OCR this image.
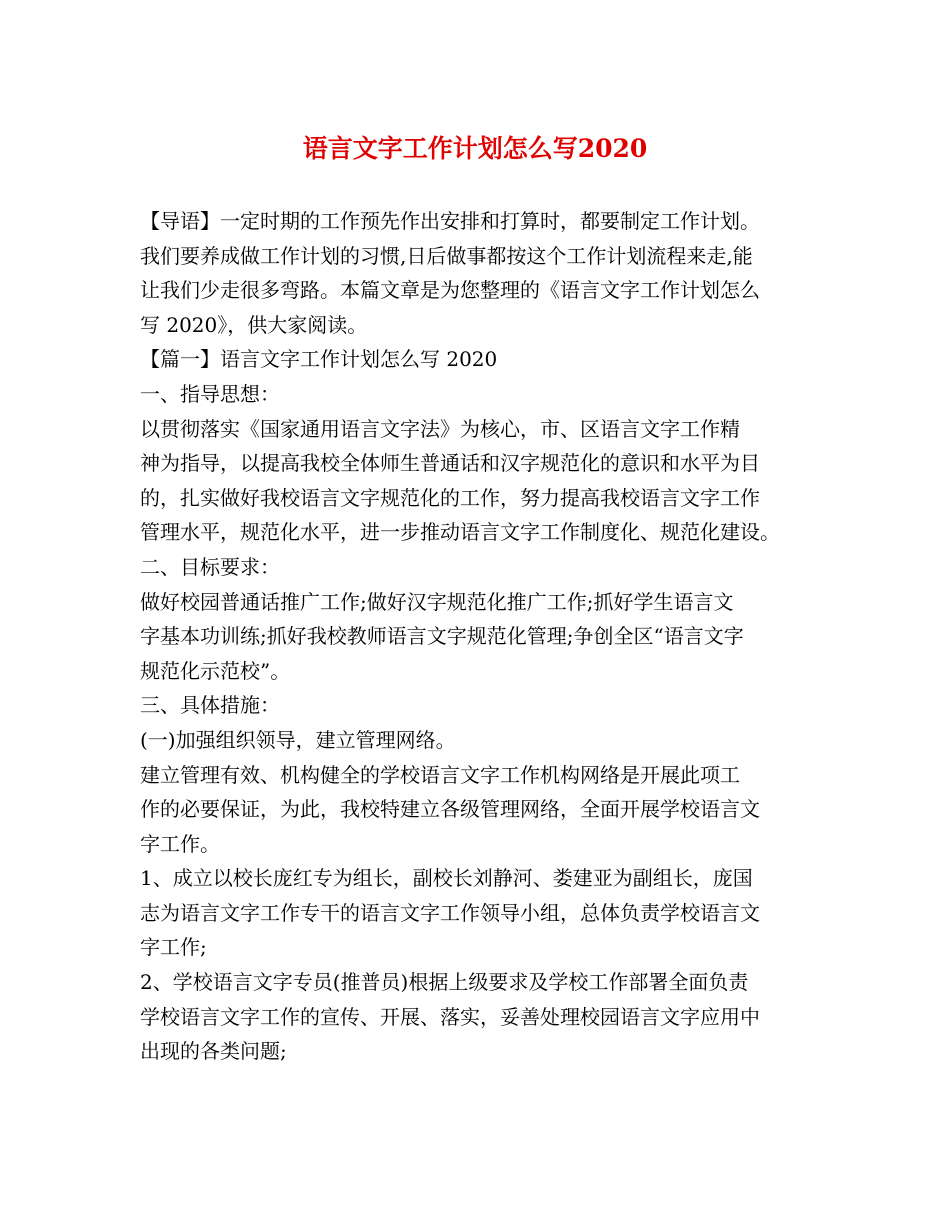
语言文字工作计划怎么写2020
【导语】一定时期的工作预先作出安排和打算时，都要制定工作计划。
我们要养成做工作计划的习惯,日后做事都按这个工作计划流程来走,能
让我们少走很多弯路。本篇文章是为您整理的《语言文字工作计划怎么
写 2020》，供大家阅读。
【篇一】语言文字工作计划怎么写 2020
一、指导思想：
以贯彻落实《国家通用语言文字法》为核心，市、区语言文字工作精
神为指导，以提高我校全体师生普通话和汉字规范化的意识和水平为目
的，扎实做好我校语言文字规范化的工作，努力提高我校语言文字工作
管理水平，规范化水平，进一步推动语言文字工作制度化、规范化建设。
二、目标要求：
做好校园普通话推广工作;做好汉字规范化推广工作;抓好学生语言文
字基本功训练;抓好我校教师语言文字规范化管理;争创全区“语言文字
规范化示范校”。
三、具体措施：
(一)加强组织领导，建立管理网络。
建立管理有效、机构健全的学校语言文字工作机构网络是开展此项工
作的必要保证，为此，我校特建立各级管理网络，全面开展学校语言文
字工作。
1、成立以校长庞红专为组长，副校长刘静河、娄建亚为副组长，庞国
志为语言文字工作专干的语言文字工作领导小组，总体负责学校语言文
字工作;
2、学校语言文字专员(推普员)根据上级要求及学校工作部署全面负责
学校语言文字工作的宣传、开展、落实，妥善处理校园语言文字应用中
出现的各类问题;
